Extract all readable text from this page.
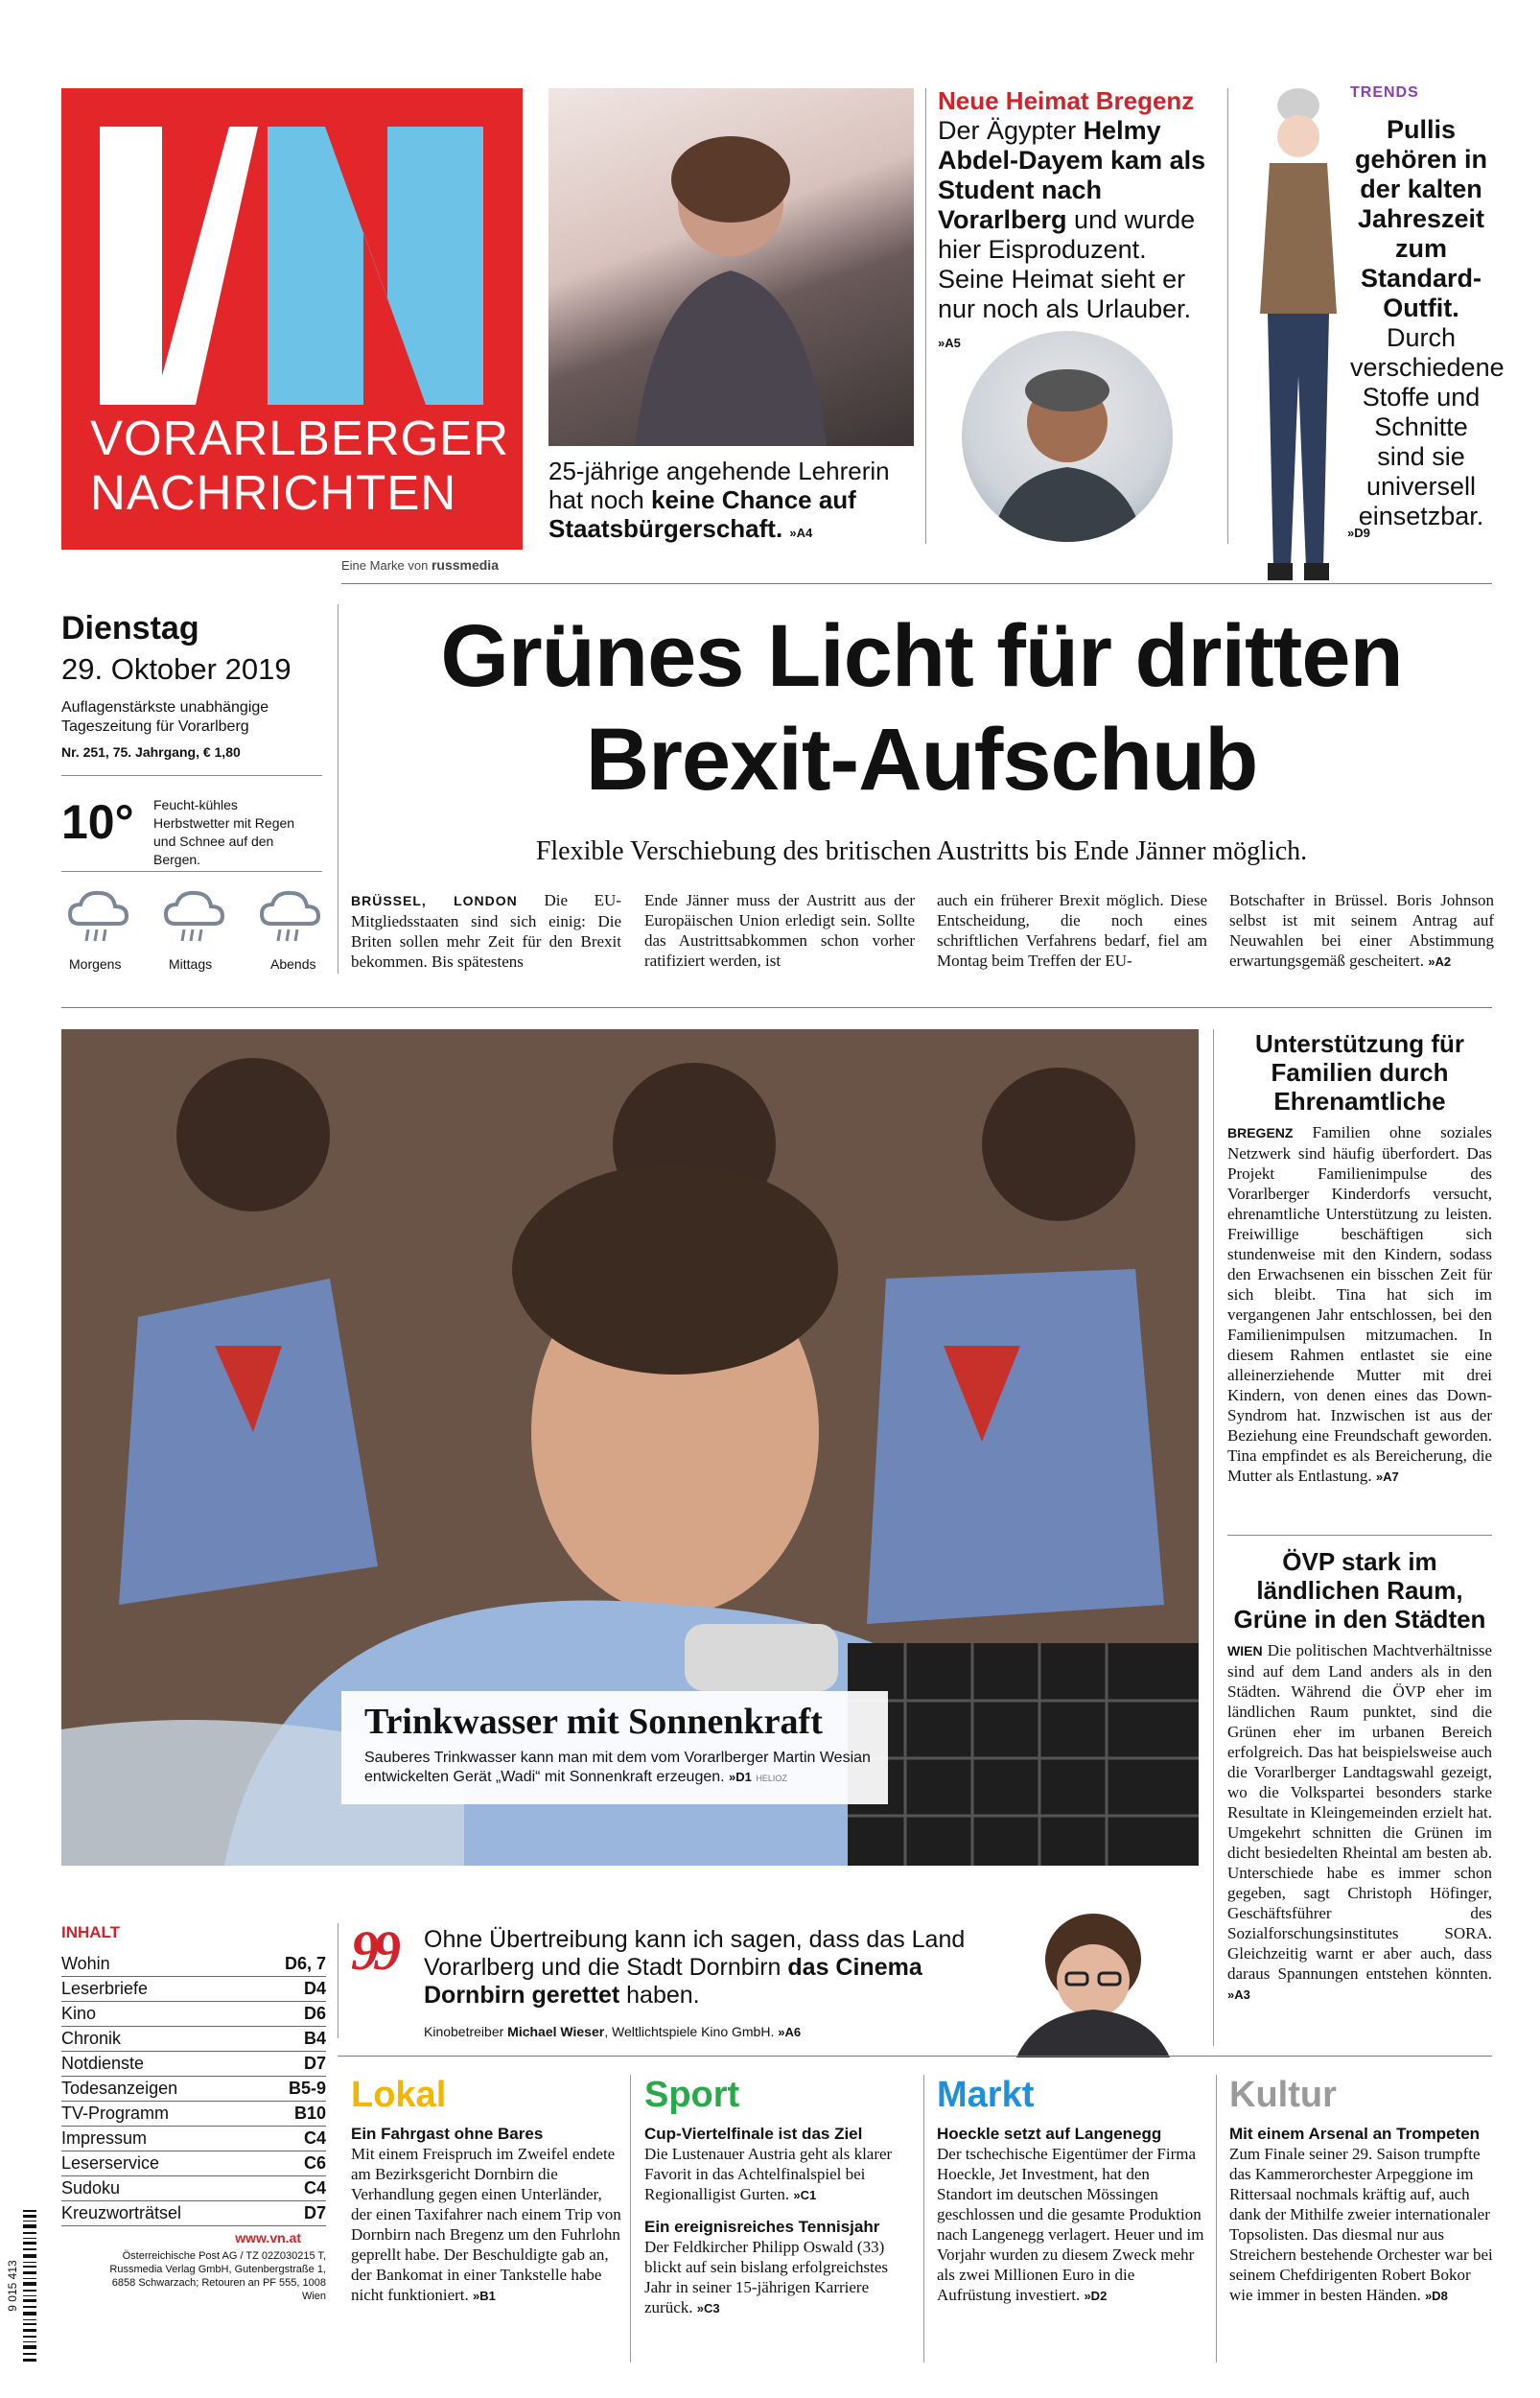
VORARLBERGER
NACHRICHTEN
Eine Marke von russmedia
25-jährige angehende Lehrerin hat noch keine Chance auf Staatsbürgerschaft. »A4
Neue Heimat Bregenz
Der Ägypter Helmy Abdel-Dayem kam als Student nach Vorarlberg und wurde hier Eisproduzent. Seine Heimat sieht er nur noch als Urlauber. »A5
TRENDS
Pullis gehören in der kalten Jahreszeit zum Standard-Outfit. Durch verschiedene Stoffe und Schnitte sind sie universell einsetzbar.
»D9
Dienstag
29. Oktober 2019
Auflagenstärkste unabhängige Tageszeitung für Vorarlberg
Nr. 251, 75. Jahrgang, € 1,80
10° Feucht-kühles Herbstwetter mit Regen und Schnee auf den Bergen.
Morgens	Mittags	Abends
Grünes Licht für dritten
Brexit-Aufschub
Flexible Verschiebung des britischen Austritts bis Ende Jänner möglich.
BRÜSSEL, LONDON Die EU-Mitgliedsstaaten sind sich einig: Die Briten sollen mehr Zeit für den Brexit bekommen. Bis spätestens
Ende Jänner muss der Austritt aus der Europäischen Union erledigt sein. Sollte das Austrittsabkommen schon vorher ratifiziert werden, ist
auch ein früherer Brexit möglich. Diese Entscheidung, die noch eines schriftlichen Verfahrens bedarf, fiel am Montag beim Treffen der EU-
Botschafter in Brüssel. Boris Johnson selbst ist mit seinem Antrag auf Neuwahlen bei einer Abstimmung erwartungsgemäß gescheitert. »A2
Trinkwasser mit Sonnenkraft
Sauberes Trinkwasser kann man mit dem vom Vorarlberger Martin Wesian entwickelten Gerät „Wadi“ mit Sonnenkraft erzeugen. »D1 HELIOZ
Unterstützung für Familien durch Ehrenamtliche
BREGENZ Familien ohne soziales Netzwerk sind häufig überfordert. Das Projekt Familienimpulse des Vorarlberger Kinderdorfs versucht, ehrenamtliche Unterstützung zu leisten. Freiwillige beschäftigen sich stundenweise mit den Kindern, sodass den Erwachsenen ein bisschen Zeit für sich bleibt. Tina hat sich im vergangenen Jahr entschlossen, bei den Familienimpulsen mitzumachen. In diesem Rahmen entlastet sie eine alleinerziehende Mutter mit drei Kindern, von denen eines das Down-Syndrom hat. Inzwischen ist aus der Beziehung eine Freundschaft geworden. Tina empfindet es als Bereicherung, die Mutter als Entlastung. »A7
ÖVP stark im ländlichen Raum, Grüne in den Städten
WIEN Die politischen Machtverhältnisse sind auf dem Land anders als in den Städten. Während die ÖVP eher im ländlichen Raum punktet, sind die Grünen eher im urbanen Bereich erfolgreich. Das hat beispielsweise auch die Vorarlberger Landtagswahl gezeigt, wo die Volkspartei besonders starke Resultate in Kleingemeinden erzielt hat. Umgekehrt schnitten die Grünen im dicht besiedelten Rheintal am besten ab. Unterschiede habe es immer schon gegeben, sagt Christoph Höfinger, Geschäftsführer des Sozialforschungsinstitutes SORA. Gleichzeitig warnt er aber auch, dass daraus Spannungen entstehen könnten. »A3
INHALT
Wohin	D6, 7
Leserbriefe	D4
Kino	D6
Chronik	B4
Notdienste	D7
Todesanzeigen	B5-9
TV-Programm	B10
Impressum	C4
Leserservice	C6
Sudoku	C4
Kreuzworträtsel	D7
www.vn.at
Österreichische Post AG / TZ 02Z030215 T, Russmedia Verlag GmbH, Gutenbergstraße 1, 6858 Schwarzach; Retouren an PF 555, 1008 Wien
9 015 413
99 Ohne Übertreibung kann ich sagen, dass das Land Vorarlberg und die Stadt Dornbirn das Cinema Dornbirn gerettet haben.
Kinobetreiber Michael Wieser, Weltlichtspiele Kino GmbH. »A6
Lokal
Ein Fahrgast ohne Bares
Mit einem Freispruch im Zweifel endete am Bezirksgericht Dornbirn die Verhandlung gegen einen Unterländer, der einen Taxifahrer nach einem Trip von Dornbirn nach Bregenz um den Fuhrlohn geprellt habe. Der Beschuldigte gab an, der Bankomat in einer Tankstelle habe nicht funktioniert. »B1
Sport
Cup-Viertelfinale ist das Ziel
Die Lustenauer Austria geht als klarer Favorit in das Achtelfinalspiel bei Regionalligist Gurten. »C1
Ein ereignisreiches Tennisjahr
Der Feldkircher Philipp Oswald (33) blickt auf sein bislang erfolgreichstes Jahr in seiner 15-jährigen Karriere zurück. »C3
Markt
Hoeckle setzt auf Langenegg
Der tschechische Eigentümer der Firma Hoeckle, Jet Investment, hat den Standort im deutschen Mössingen geschlossen und die gesamte Produktion nach Langenegg verlagert. Heuer und im Vorjahr wurden zu diesem Zweck mehr als zwei Millionen Euro in die Aufrüstung investiert. »D2
Kultur
Mit einem Arsenal an Trompeten
Zum Finale seiner 29. Saison trumpfte das Kammerorchester Arpeggione im Rittersaal nochmals kräftig auf, auch dank der Mithilfe zweier internationaler Topsolisten. Das diesmal nur aus Streichern bestehende Orchester war bei seinem Chefdirigenten Robert Bokor wie immer in besten Händen. »D8
